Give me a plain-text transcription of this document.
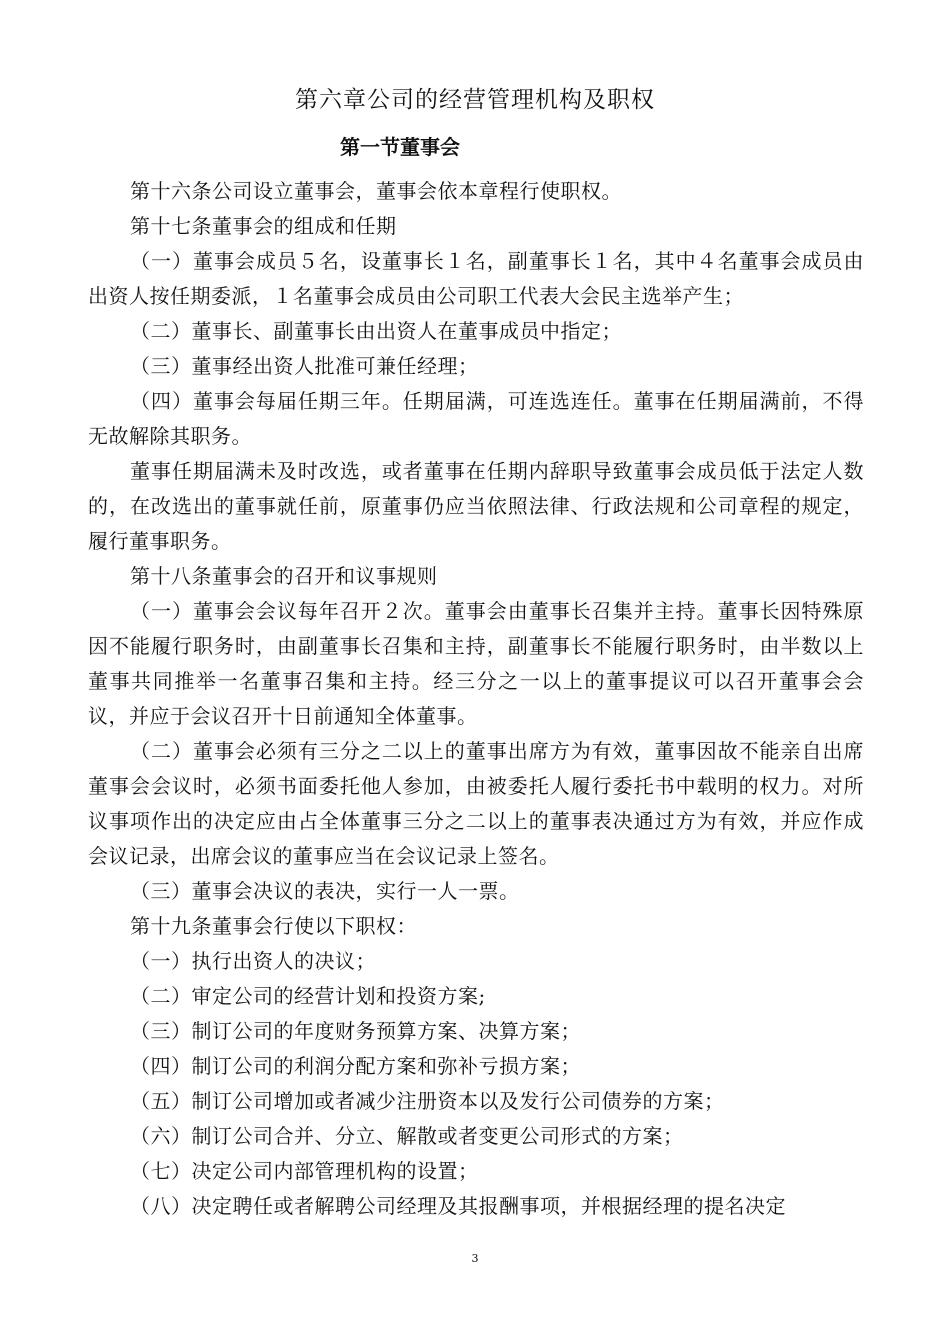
第六章公司的经营管理机构及职权
第一节董事会

第十六条公司设立董事会，董事会依本章程行使职权。

第十七条董事会的组成和任期

（一）董事会成员５名，设董事长１名，副董事长１名，其中４名董事会成员由出资人按任期委派，１名董事会成员由公司职工代表大会民主选举产生；

（二）董事长、副董事长由出资人在董事成员中指定；

（三）董事经出资人批准可兼任经理；

（四）董事会每届任期三年。任期届满，可连选连任。董事在任期届满前，不得无故解除其职务。

董事任期届满未及时改选，或者董事在任期内辞职导致董事会成员低于法定人数的，在改选出的董事就任前，原董事仍应当依照法律、行政法规和公司章程的规定，履行董事职务。

第十八条董事会的召开和议事规则

（一）董事会会议每年召开２次。董事会由董事长召集并主持。董事长因特殊原因不能履行职务时，由副董事长召集和主持，副董事长不能履行职务时，由半数以上董事共同推举一名董事召集和主持。经三分之一以上的董事提议可以召开董事会会议，并应于会议召开十日前通知全体董事。

（二）董事会必须有三分之二以上的董事出席方为有效，董事因故不能亲自出席董事会会议时，必须书面委托他人参加，由被委托人履行委托书中载明的权力。对所议事项作出的决定应由占全体董事三分之二以上的董事表决通过方为有效，并应作成会议记录，出席会议的董事应当在会议记录上签名。

（三）董事会决议的表决，实行一人一票。

第十九条董事会行使以下职权：

（一）执行出资人的决议；

（二）审定公司的经营计划和投资方案;

（三）制订公司的年度财务预算方案、决算方案；

（四）制订公司的利润分配方案和弥补亏损方案；

（五）制订公司增加或者减少注册资本以及发行公司债券的方案；

（六）制订公司合并、分立、解散或者变更公司形式的方案；

（七）决定公司内部管理机构的设置；

（八）决定聘任或者解聘公司经理及其报酬事项，并根据经理的提名决定

3
